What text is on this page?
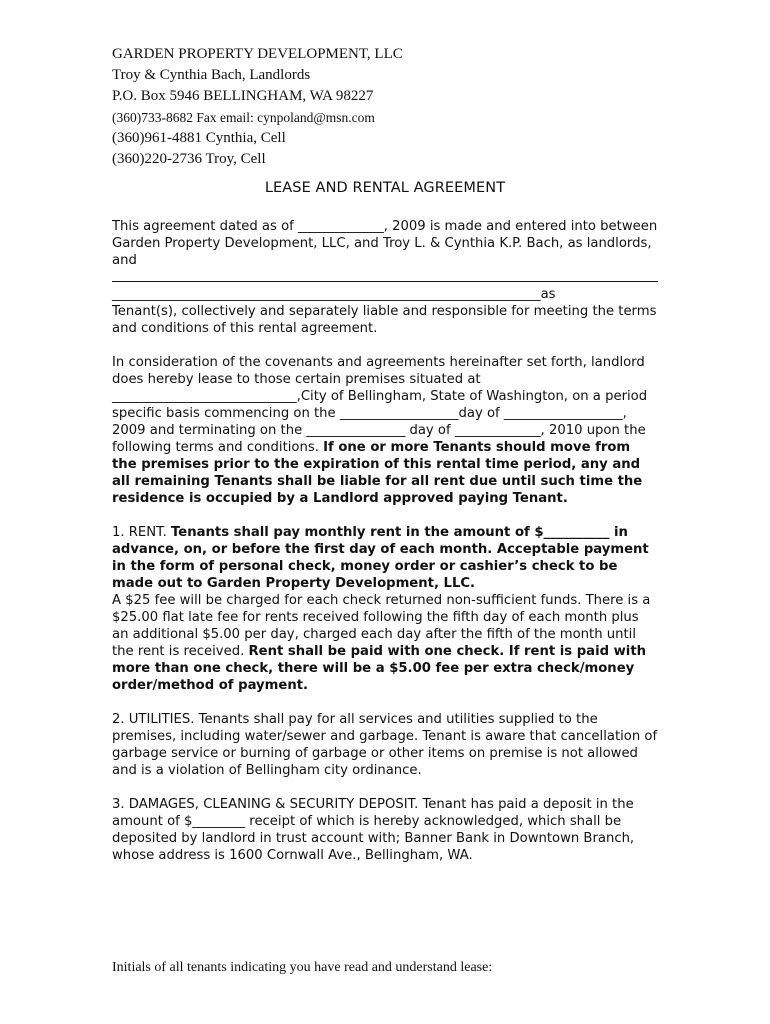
GARDEN PROPERTY DEVELOPMENT, LLC
Troy & Cynthia Bach, Landlords
P.O. Box 5946 BELLINGHAM, WA 98227
(360)733-8682 Fax email: cynpoland@msn.com
(360)961-4881 Cynthia, Cell
(360)220-2736 Troy, Cell
LEASE AND RENTAL AGREEMENT

This agreement dated as of _____________, 2009 is made and entered into between Garden Property Development, LLC, and Troy L. & Cynthia K.P. Bach, as landlords, and

_________________________________________________________________as

Tenant(s), collectively and separately liable and responsible for meeting the terms and conditions of this rental agreement.

In consideration of the covenants and agreements hereinafter set forth, landlord does hereby lease to those certain premises situated at ____________________________,City of Bellingham, State of Washington, on a period specific basis commencing on the __________________day of __________________, 2009 and terminating on the _______________ day of _____________, 2010 upon the following terms and conditions. If one or more Tenants should move from the premises prior to the expiration of this rental time period, any and all remaining Tenants shall be liable for all rent due until such time the residence is occupied by a Landlord approved paying Tenant.

1. RENT. Tenants shall pay monthly rent in the amount of $__________ in advance, on, or before the first day of each month. Acceptable payment in the form of personal check, money order or cashier’s check to be made out to Garden Property Development, LLC.

A $25 fee will be charged for each check returned non-sufficient funds. There is a $25.00 flat late fee for rents received following the fifth day of each month plus an additional $5.00 per day, charged each day after the fifth of the month until the rent is received. Rent shall be paid with one check. If rent is paid with more than one check, there will be a $5.00 fee per extra check/money order/method of payment.

2. UTILITIES. Tenants shall pay for all services and utilities supplied to the premises, including water/sewer and garbage. Tenant is aware that cancellation of garbage service or burning of garbage or other items on premise is not allowed and is a violation of Bellingham city ordinance.

3. DAMAGES, CLEANING & SECURITY DEPOSIT. Tenant has paid a deposit in the amount of $________ receipt of which is hereby acknowledged, which shall be deposited by landlord in trust account with; Banner Bank in Downtown Branch, whose address is 1600 Cornwall Ave., Bellingham, WA.

Initials of all tenants indicating you have read and understand lease:
